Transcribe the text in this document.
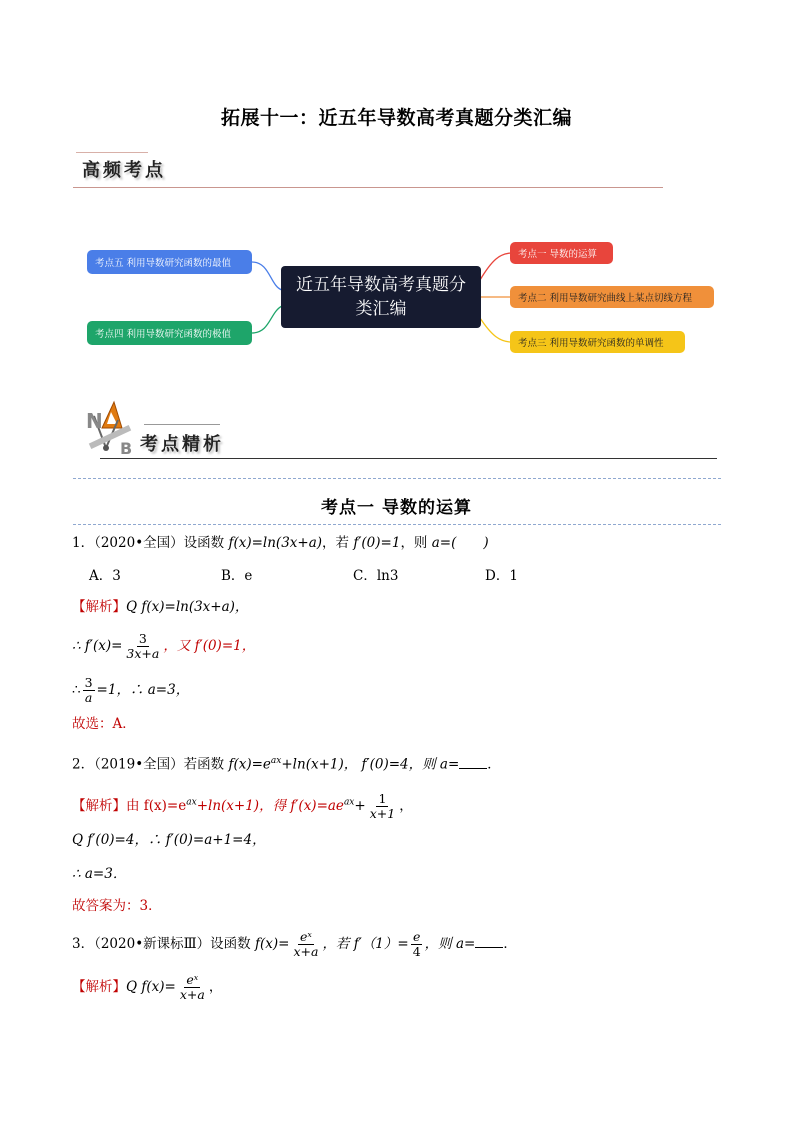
拓展十一：近五年导数高考真题分类汇编
高频考点
考点五 利用导数研究函数的最值
考点四 利用导数研究函数的极值
近五年导数高考真题分类汇编
考点一 导数的运算
考点二 利用导数研究曲线上某点切线方程
考点三 利用导数研究函数的单调性
N
B 考点精析
考点一 导数的运算
1．（2020•全国）设函数 f(x)=ln(3x+a)，若 f′(0)=1，则 a=(　　)
A．3	B．e	C．ln3	D．1
【解析】Q f(x)=ln(3x+a)，
∴ $f'(x)= \frac{3}{3x+a}$ ，又 f′(0)=1，
∴ $\frac{3}{a} =1$，∴ a=3，
故选：A．
2．（2019•全国）若函数 $f(x)=e^{ax}+\ln(x+1)$， f′(0)=4，则 a= ．
【解析】由 $f(x)=e^{ax}+\ln(x+1)$，得 $f'(x)=ae^{ax}+ \frac{1}{x+1}$ ，
Q f′(0)=4，∴ f′(0)=a+1=4，
∴ a=3．
故答案为：3．
3．（2020•新课标Ⅲ）设函数 $f(x)= \frac{\text{eˣ}}{x+a}$ ，若 $f'(1)= \frac{e}{4}$ ，则 a= ．
【解析】Q $f(x)= \frac{\text{eˣ}}{x+a}$ ，
